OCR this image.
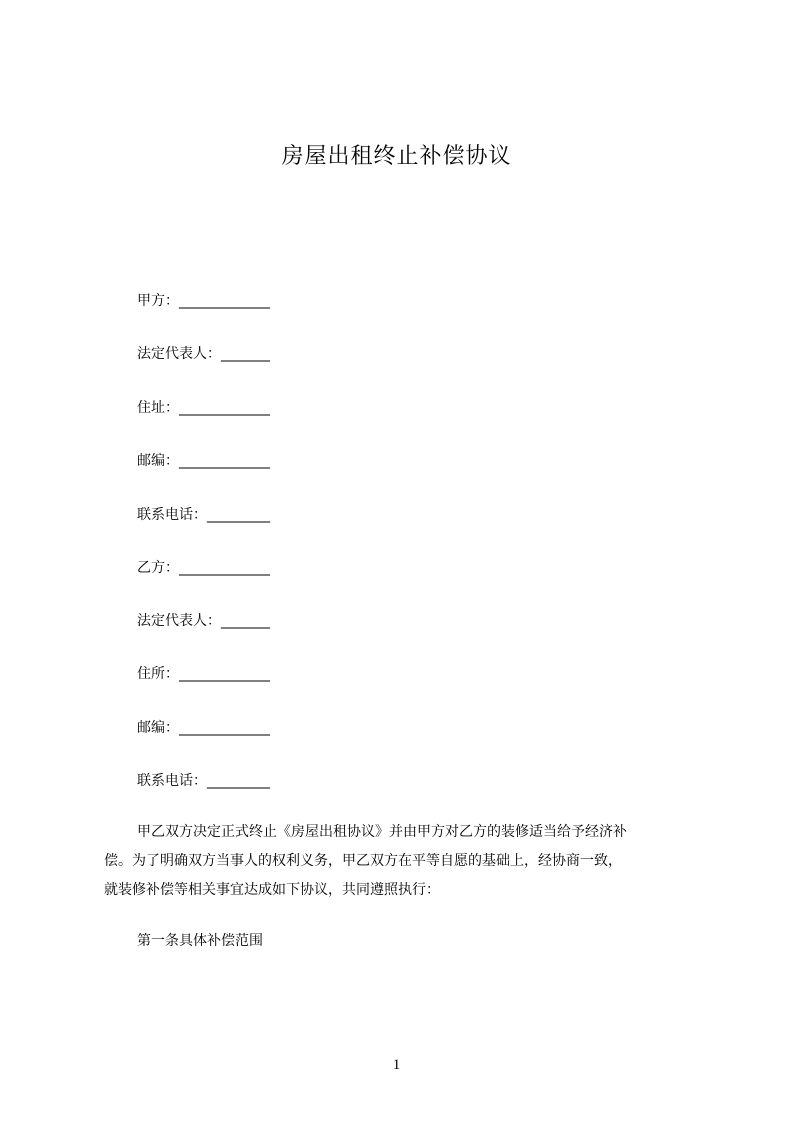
房屋出租终止补偿协议
甲方：_____________
法定代表人：_______
住址：_____________
邮编：_____________
联系电话：_________
乙方：_____________
法定代表人：_______
住所：_____________
邮编：_____________
联系电话：_________
甲乙双方决定正式终止《房屋出租协议》并由甲方对乙方的装修适当给予经济补
偿。为了明确双方当事人的权利义务，甲乙双方在平等自愿的基础上，经协商一致，
就装修补偿等相关事宜达成如下协议，共同遵照执行：
第一条具体补偿范围
1
